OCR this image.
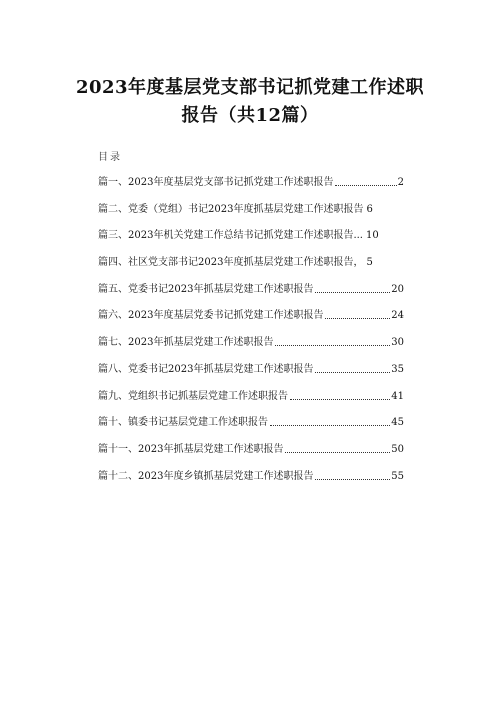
2023年度基层党支部书记抓党建工作述职
报告（共12篇）
目录
篇一、2023年度基层党支部书记抓党建工作述职报告	2
篇二、党委（党组）书记2023年度抓基层党建工作述职报告 6
篇三、2023年机关党建工作总结书记抓党建工作述职报告... 10
篇四、社区党支部书记2023年度抓基层党建工作述职报告， 5
篇五、党委书记2023年抓基层党建工作述职报告	20
篇六、2023年度基层党委书记抓党建工作述职报告	24
篇七、2023年抓基层党建工作述职报告	30
篇八、党委书记2023年抓基层党建工作述职报告	35
篇九、党组织书记抓基层党建工作述职报告	41
篇十、镇委书记基层党建工作述职报告	45
篇十一、2023年抓基层党建工作述职报告	50
篇十二、2023年度乡镇抓基层党建工作述职报告	55
